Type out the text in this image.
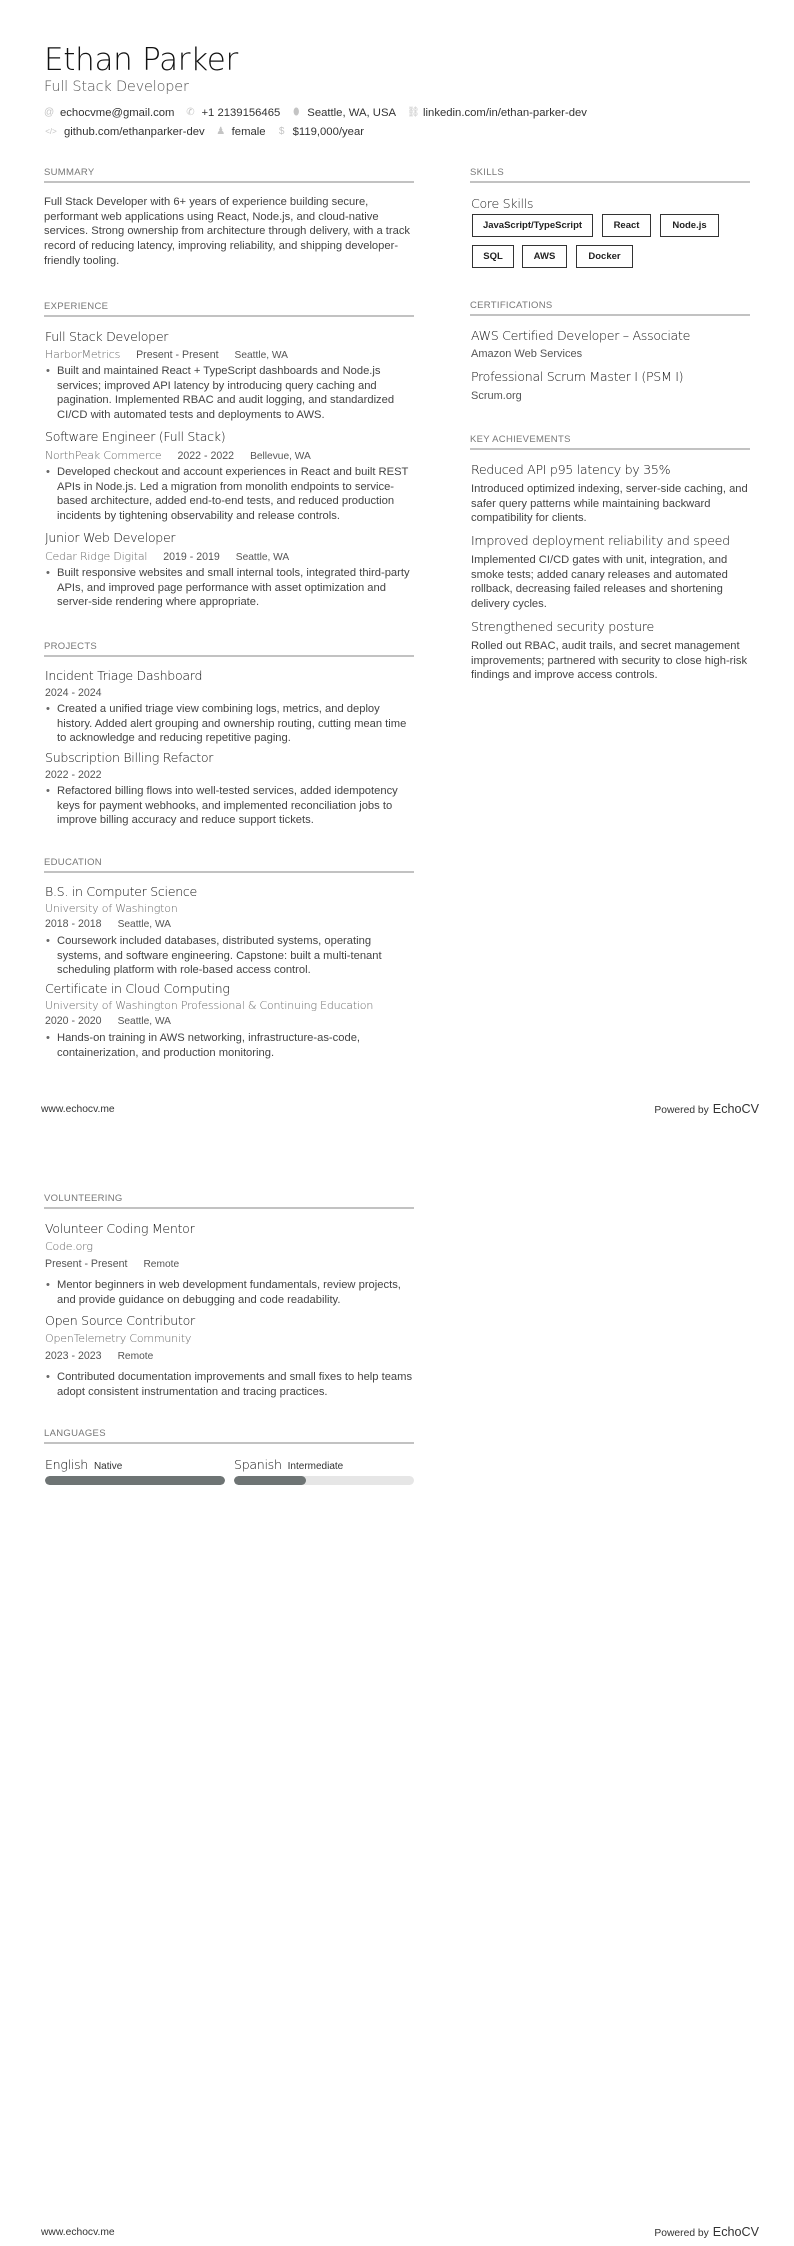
Ethan Parker
Full Stack Developer
@ echocvme@gmail.com ✆ +1 2139156465 ⬮ Seattle, WA, USA ⛓ linkedin.com/in/ethan-parker-dev
</> github.com/ethanparker-dev ♟ female $ $119,000/year
SUMMARY
Full Stack Developer with 6+ years of experience building secure, performant web applications using React, Node.js, and cloud-native services. Strong ownership from architecture through delivery, with a track record of reducing latency, improving reliability, and shipping developer-friendly tooling.
SKILLS
Core Skills
JavaScript/TypeScript	React	Node.js
SQL	AWS	Docker
EXPERIENCE
Full Stack Developer
HarborMetrics Present - Present Seattle, WA
• Built and maintained React + TypeScript dashboards and Node.js services; improved API latency by introducing query caching and pagination. Implemented RBAC and audit logging, and standardized CI/CD with automated tests and deployments to AWS.
Software Engineer (Full Stack)
NorthPeak Commerce 2022 - 2022 Bellevue, WA
• Developed checkout and account experiences in React and built REST APIs in Node.js. Led a migration from monolith endpoints to service-based architecture, added end-to-end tests, and reduced production incidents by tightening observability and release controls.
Junior Web Developer
Cedar Ridge Digital 2019 - 2019 Seattle, WA
• Built responsive websites and small internal tools, integrated third-party APIs, and improved page performance with asset optimization and server-side rendering where appropriate.
CERTIFICATIONS
AWS Certified Developer – Associate
Amazon Web Services
Professional Scrum Master I (PSM I)
Scrum.org
KEY ACHIEVEMENTS
Reduced API p95 latency by 35%
Introduced optimized indexing, server-side caching, and safer query patterns while maintaining backward compatibility for clients.
Improved deployment reliability and speed
Implemented CI/CD gates with unit, integration, and smoke tests; added canary releases and automated rollback, decreasing failed releases and shortening delivery cycles.
Strengthened security posture
Rolled out RBAC, audit trails, and secret management improvements; partnered with security to close high-risk findings and improve access controls.
PROJECTS
Incident Triage Dashboard
2024 - 2024
• Created a unified triage view combining logs, metrics, and deploy history. Added alert grouping and ownership routing, cutting mean time to acknowledge and reducing repetitive paging.
Subscription Billing Refactor
2022 - 2022
• Refactored billing flows into well-tested services, added idempotency keys for payment webhooks, and implemented reconciliation jobs to improve billing accuracy and reduce support tickets.
EDUCATION
B.S. in Computer Science
University of Washington
2018 - 2018 Seattle, WA
• Coursework included databases, distributed systems, operating systems, and software engineering. Capstone: built a multi-tenant scheduling platform with role-based access control.
Certificate in Cloud Computing
University of Washington Professional & Continuing Education
2020 - 2020 Seattle, WA
• Hands-on training in AWS networking, infrastructure-as-code, containerization, and production monitoring.
www.echocv.me	Powered by EchoCV
VOLUNTEERING
Volunteer Coding Mentor
Code.org
Present - Present Remote
• Mentor beginners in web development fundamentals, review projects, and provide guidance on debugging and code readability.
Open Source Contributor
OpenTelemetry Community
2023 - 2023 Remote
• Contributed documentation improvements and small fixes to help teams adopt consistent instrumentation and tracing practices.
LANGUAGES
English Native	Spanish Intermediate
www.echocv.me	Powered by EchoCV
